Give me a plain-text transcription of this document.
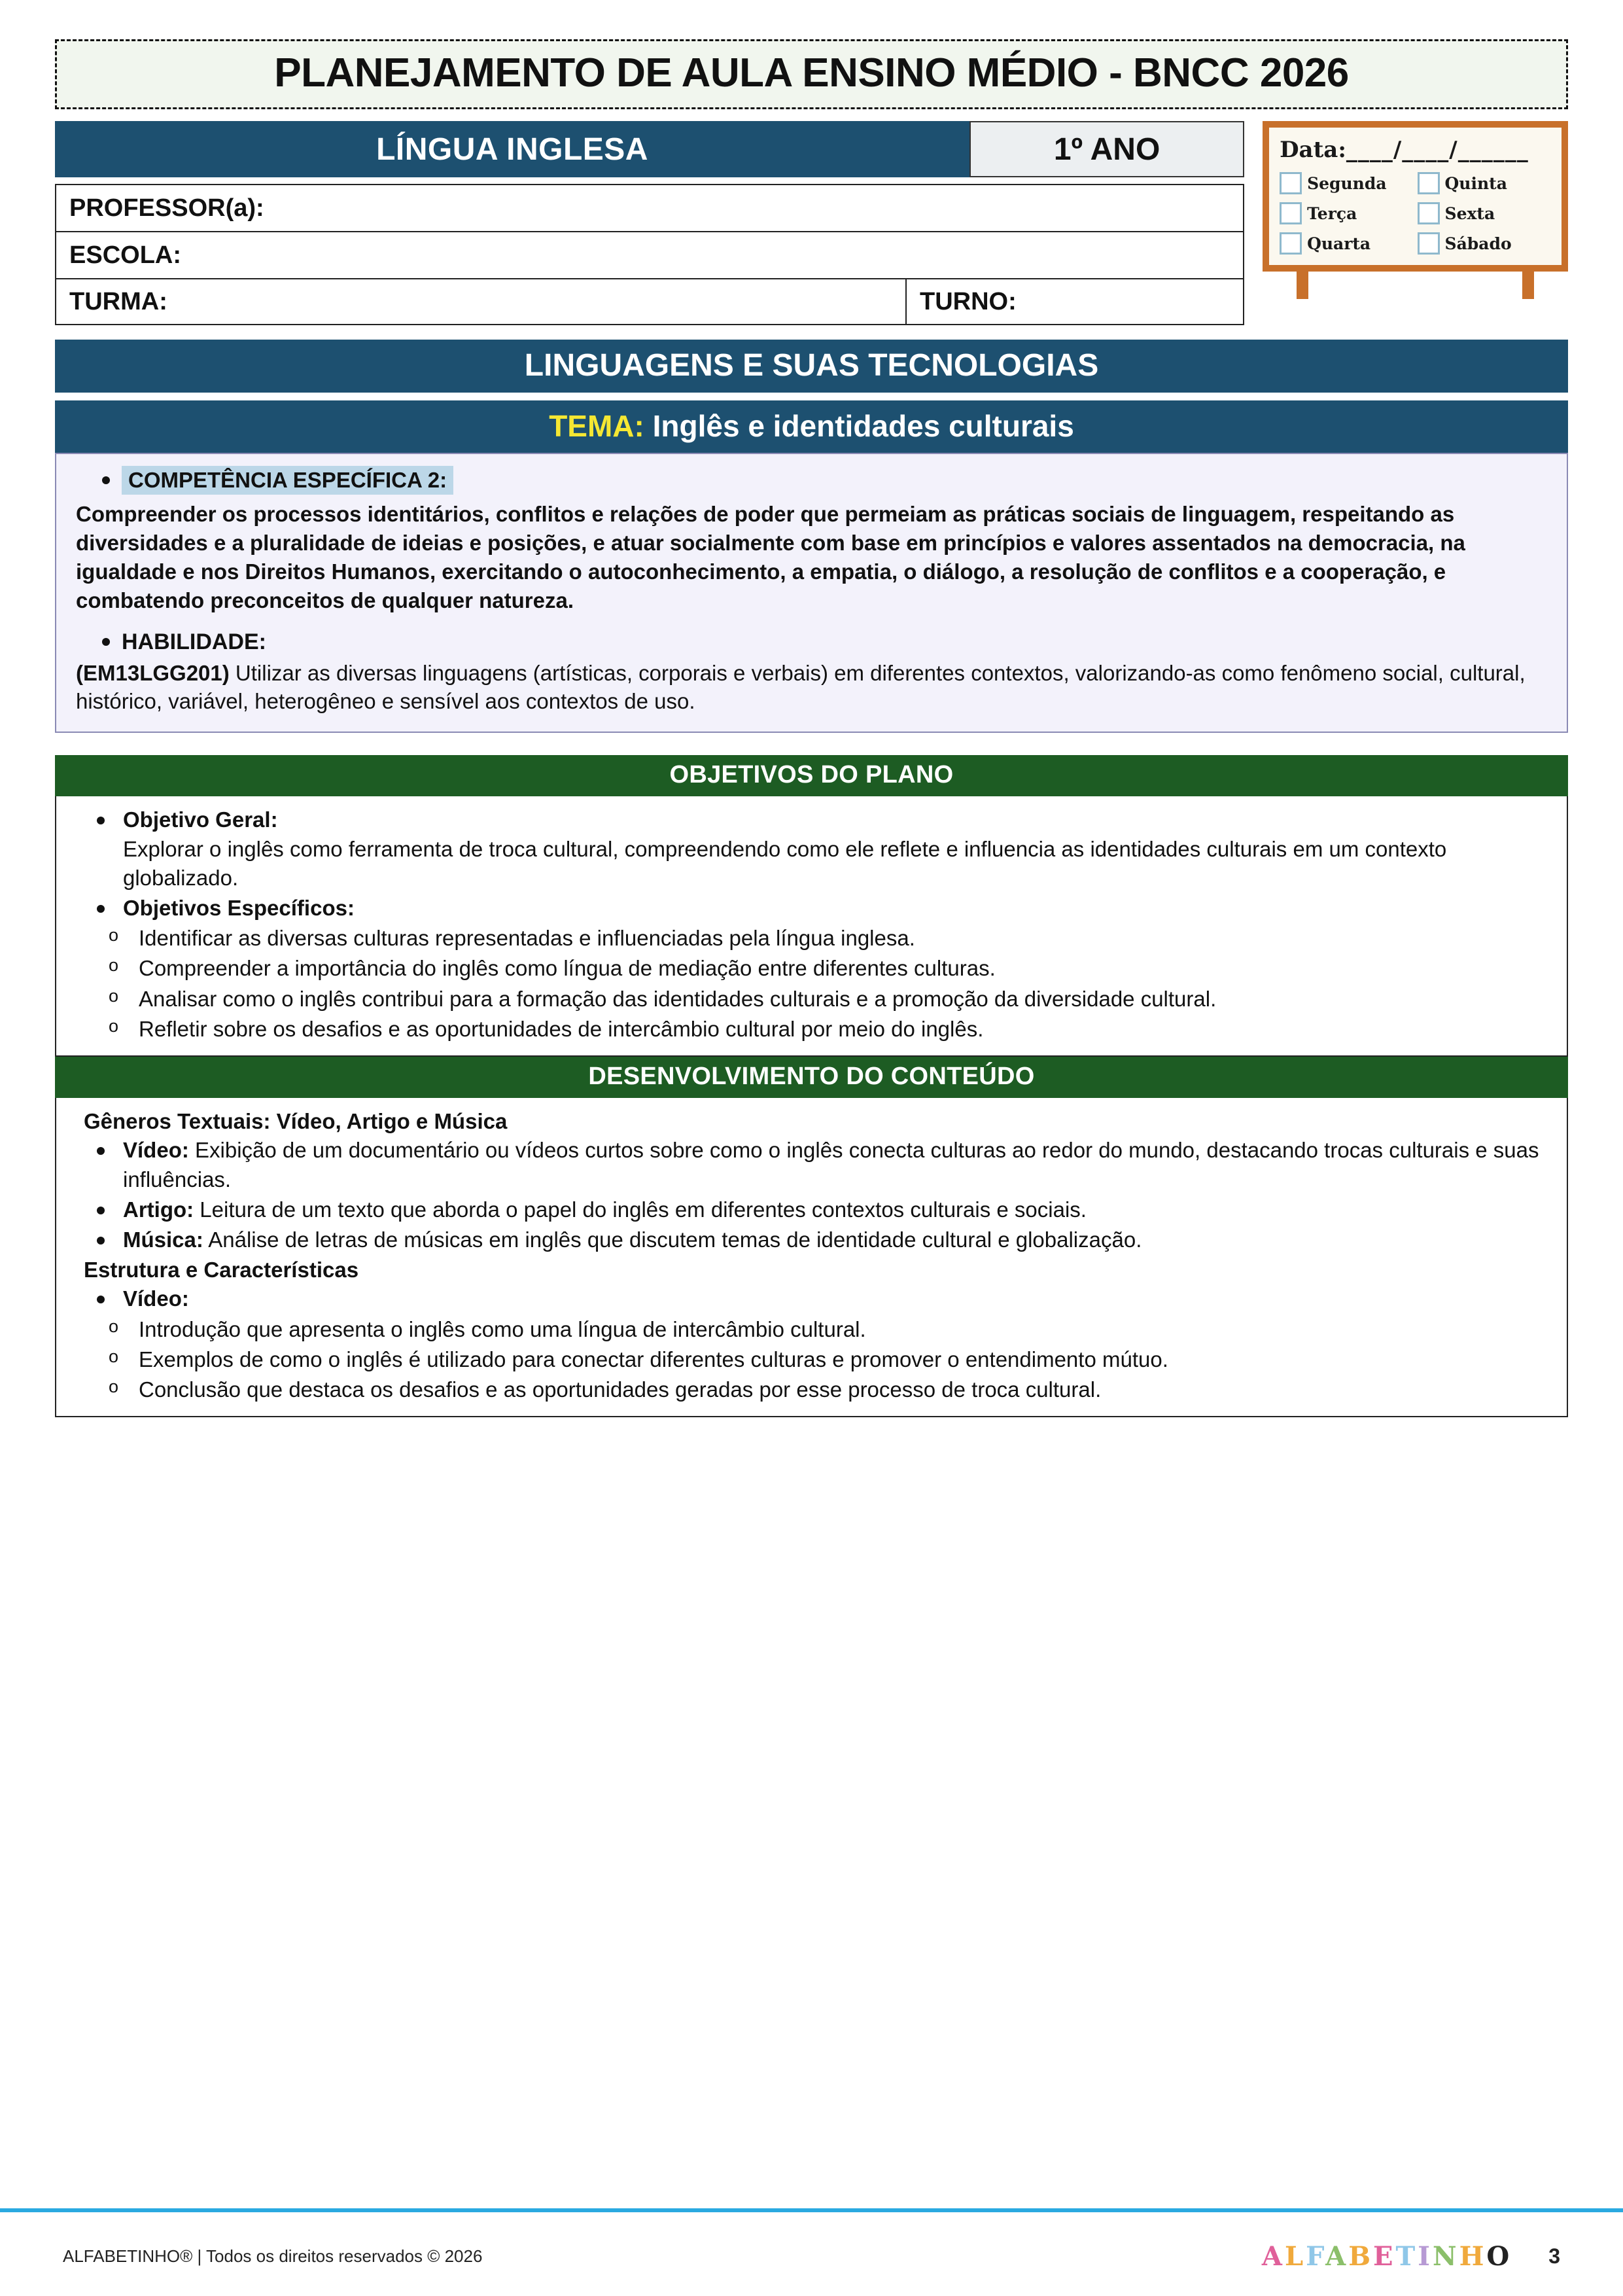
PLANEJAMENTO DE AULA ENSINO MÉDIO - BNCC 2026
LÍNGUA INGLESA	1º ANO
PROFESSOR(a):
ESCOLA:
TURMA:	TURNO:
Data:____/____/______
Segunda	Quinta
Terça	Sexta
Quarta	Sábado
LINGUAGENS E SUAS TECNOLOGIAS
TEMA: Inglês e identidades culturais
COMPETÊNCIA ESPECÍFICA 2:
Compreender os processos identitários, conflitos e relações de poder que permeiam as práticas sociais de linguagem, respeitando as diversidades e a pluralidade de ideias e posições, e atuar socialmente com base em princípios e valores assentados na democracia, na igualdade e nos Direitos Humanos, exercitando o autoconhecimento, a empatia, o diálogo, a resolução de conflitos e a cooperação, e combatendo preconceitos de qualquer natureza.
HABILIDADE:
(EM13LGG201) Utilizar as diversas linguagens (artísticas, corporais e verbais) em diferentes contextos, valorizando-as como fenômeno social, cultural, histórico, variável, heterogêneo e sensível aos contextos de uso.
OBJETIVOS DO PLANO
Objetivo Geral:
Explorar o inglês como ferramenta de troca cultural, compreendendo como ele reflete e influencia as identidades culturais em um contexto globalizado.
Objetivos Específicos:
o Identificar as diversas culturas representadas e influenciadas pela língua inglesa.
o Compreender a importância do inglês como língua de mediação entre diferentes culturas.
o Analisar como o inglês contribui para a formação das identidades culturais e a promoção da diversidade cultural.
o Refletir sobre os desafios e as oportunidades de intercâmbio cultural por meio do inglês.
DESENVOLVIMENTO DO CONTEÚDO

Gêneros Textuais: Vídeo, Artigo e Música

Vídeo: Exibição de um documentário ou vídeos curtos sobre como o inglês conecta culturas ao redor do mundo, destacando trocas culturais e suas influências.
Artigo: Leitura de um texto que aborda o papel do inglês em diferentes contextos culturais e sociais.
Música: Análise de letras de músicas em inglês que discutem temas de identidade cultural e globalização.

Estrutura e Características

Vídeo:
o Introdução que apresenta o inglês como uma língua de intercâmbio cultural.
o Exemplos de como o inglês é utilizado para conectar diferentes culturas e promover o entendimento mútuo.
o Conclusão que destaca os desafios e as oportunidades geradas por esse processo de troca cultural.
ALFABETINHO® | Todos os direitos reservados © 2026	ALFABETINHO 3
